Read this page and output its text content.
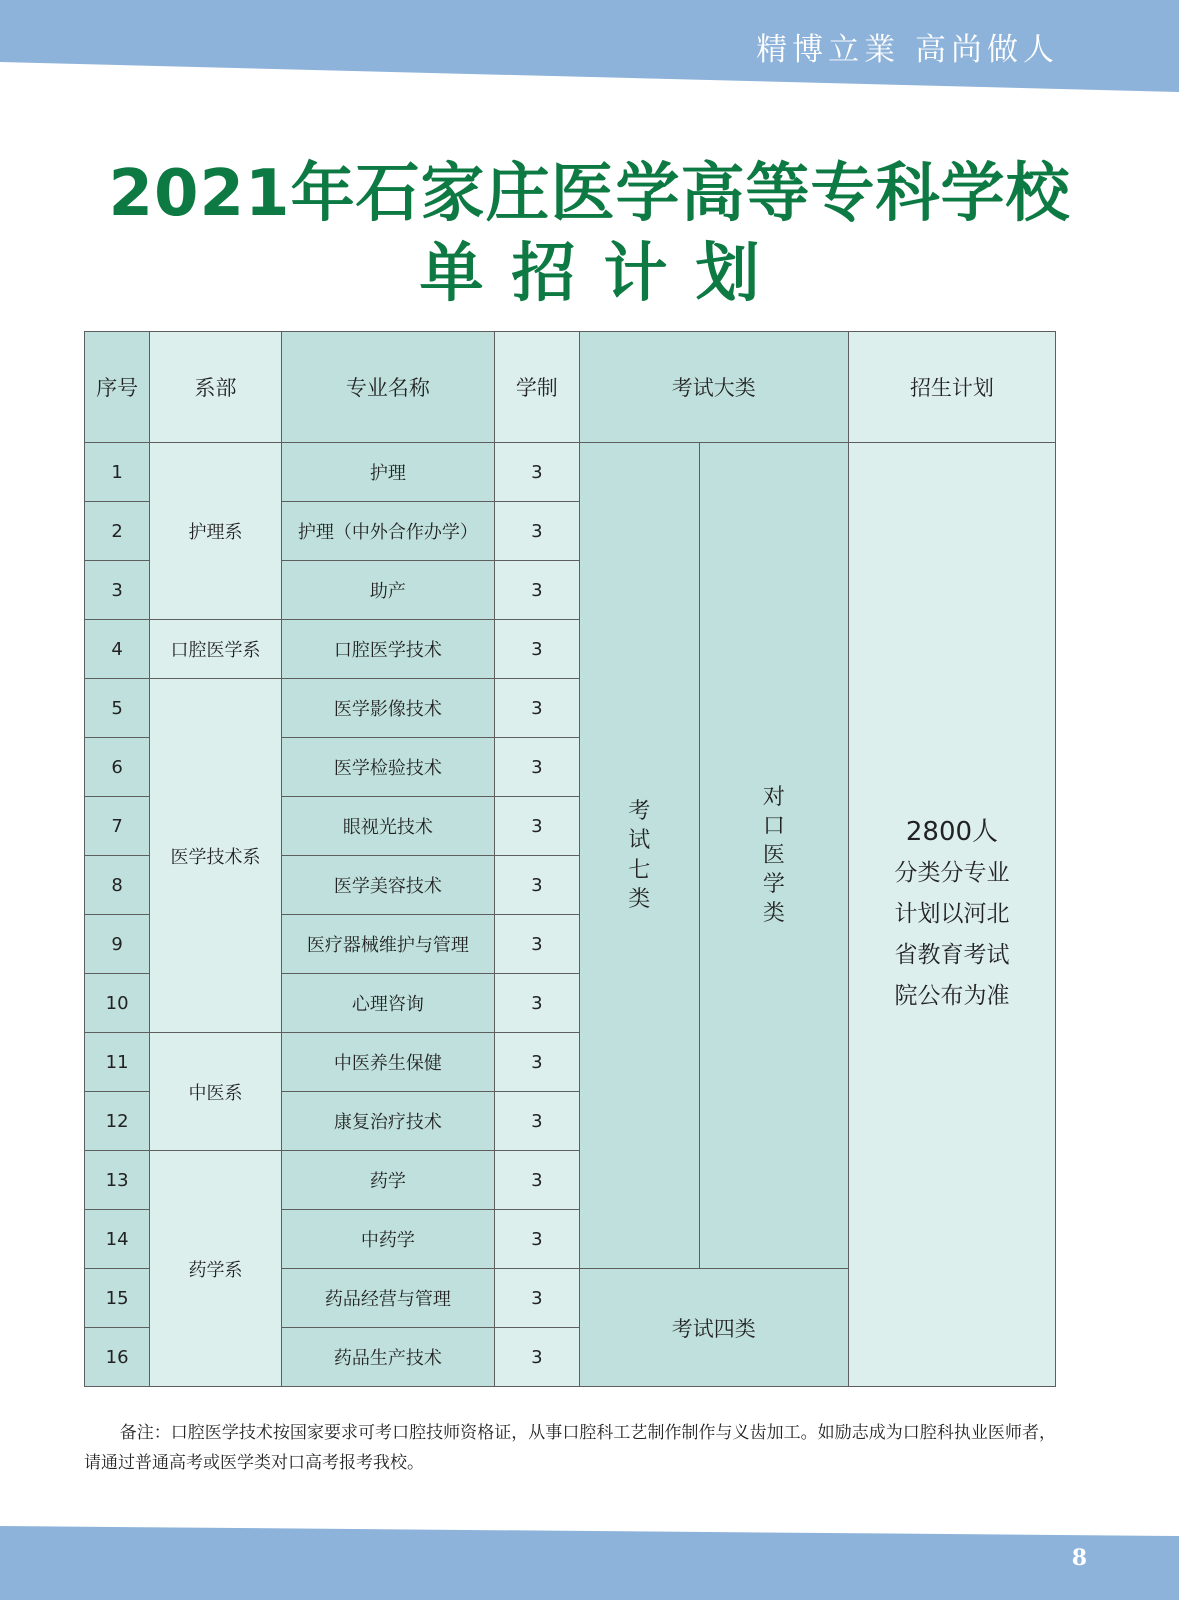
精博立業 高尚做人
2021年石家庄医学高等专科学校
单招计划
序号	系部	专业名称	学制	考试大类		招生计划
1	护理系	护理	3	考试七类	对口医学类	2800人
分类分专业
计划以河北
省教育考试
院公布为准

2		护理（中外合作办学）	3			
3		助产	3			
4	口腔医学系	口腔医学技术	3			
5	医学技术系	医学影像技术	3			
6		医学检验技术	3			
7		眼视光技术	3			
8		医学美容技术	3			
9		医疗器械维护与管理	3			
10		心理咨询	3			
11	中医系	中医养生保健	3			
12		康复治疗技术	3			
13	药学系	药学	3			
14		中药学	3			
15		药品经营与管理	3	考试四类		
16		药品生产技术	3			
备注：口腔医学技术按国家要求可考口腔技师资格证，从事口腔科工艺制作制作与义齿加工。如励志成为口腔科执业医师者，请通过普通高考或医学类对口高考报考我校。
8
